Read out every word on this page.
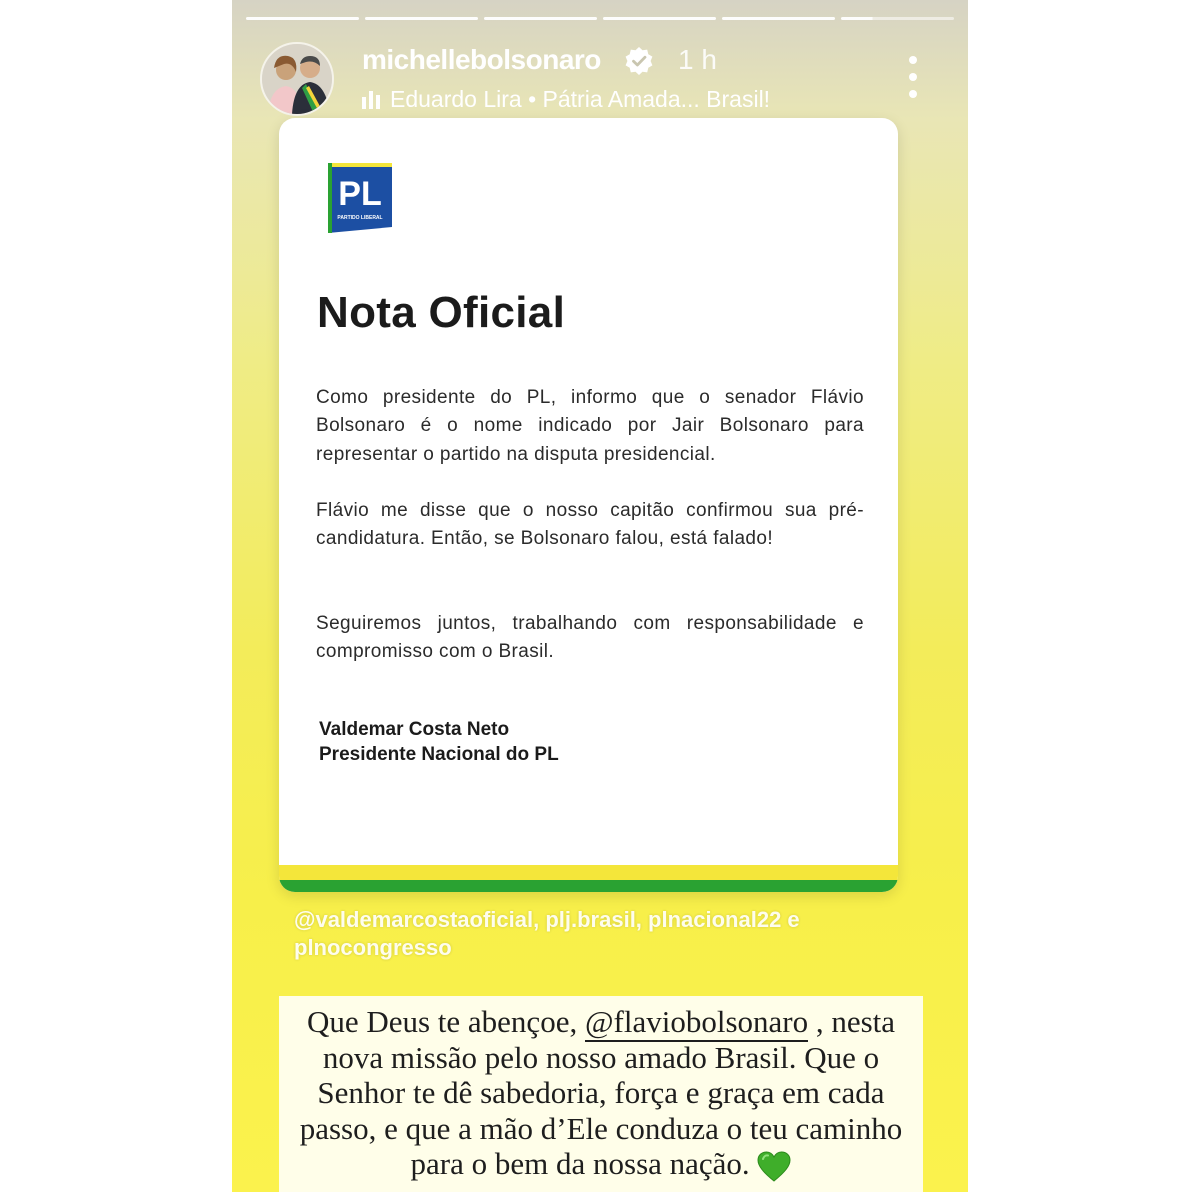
michellebolsonaro	1 h
Eduardo Lira • Pátria Amada... Brasil!
PL
PARTIDO LIBERAL
Nota Oficial
Como presidente do PL, informo que o senador Flávio Bolsonaro é o nome indicado por Jair Bolsonaro para representar o partido na disputa presidencial.
Flávio me disse que o nosso capitão confirmou sua pré-candidatura. Então, se Bolsonaro falou, está falado!
Seguiremos juntos, trabalhando com responsabilidade e compromisso com o Brasil.
Valdemar Costa Neto
Presidente Nacional do PL
@valdemarcostaoficial, plj.brasil, plnacional22 e plnocongresso
Que Deus te abençoe, @flaviobolsonaro , nesta nova missão pelo nosso amado Brasil. Que o Senhor te dê sabedoria, força e graça em cada passo, e que a mão d’Ele conduza o teu caminho para o bem da nossa nação.
